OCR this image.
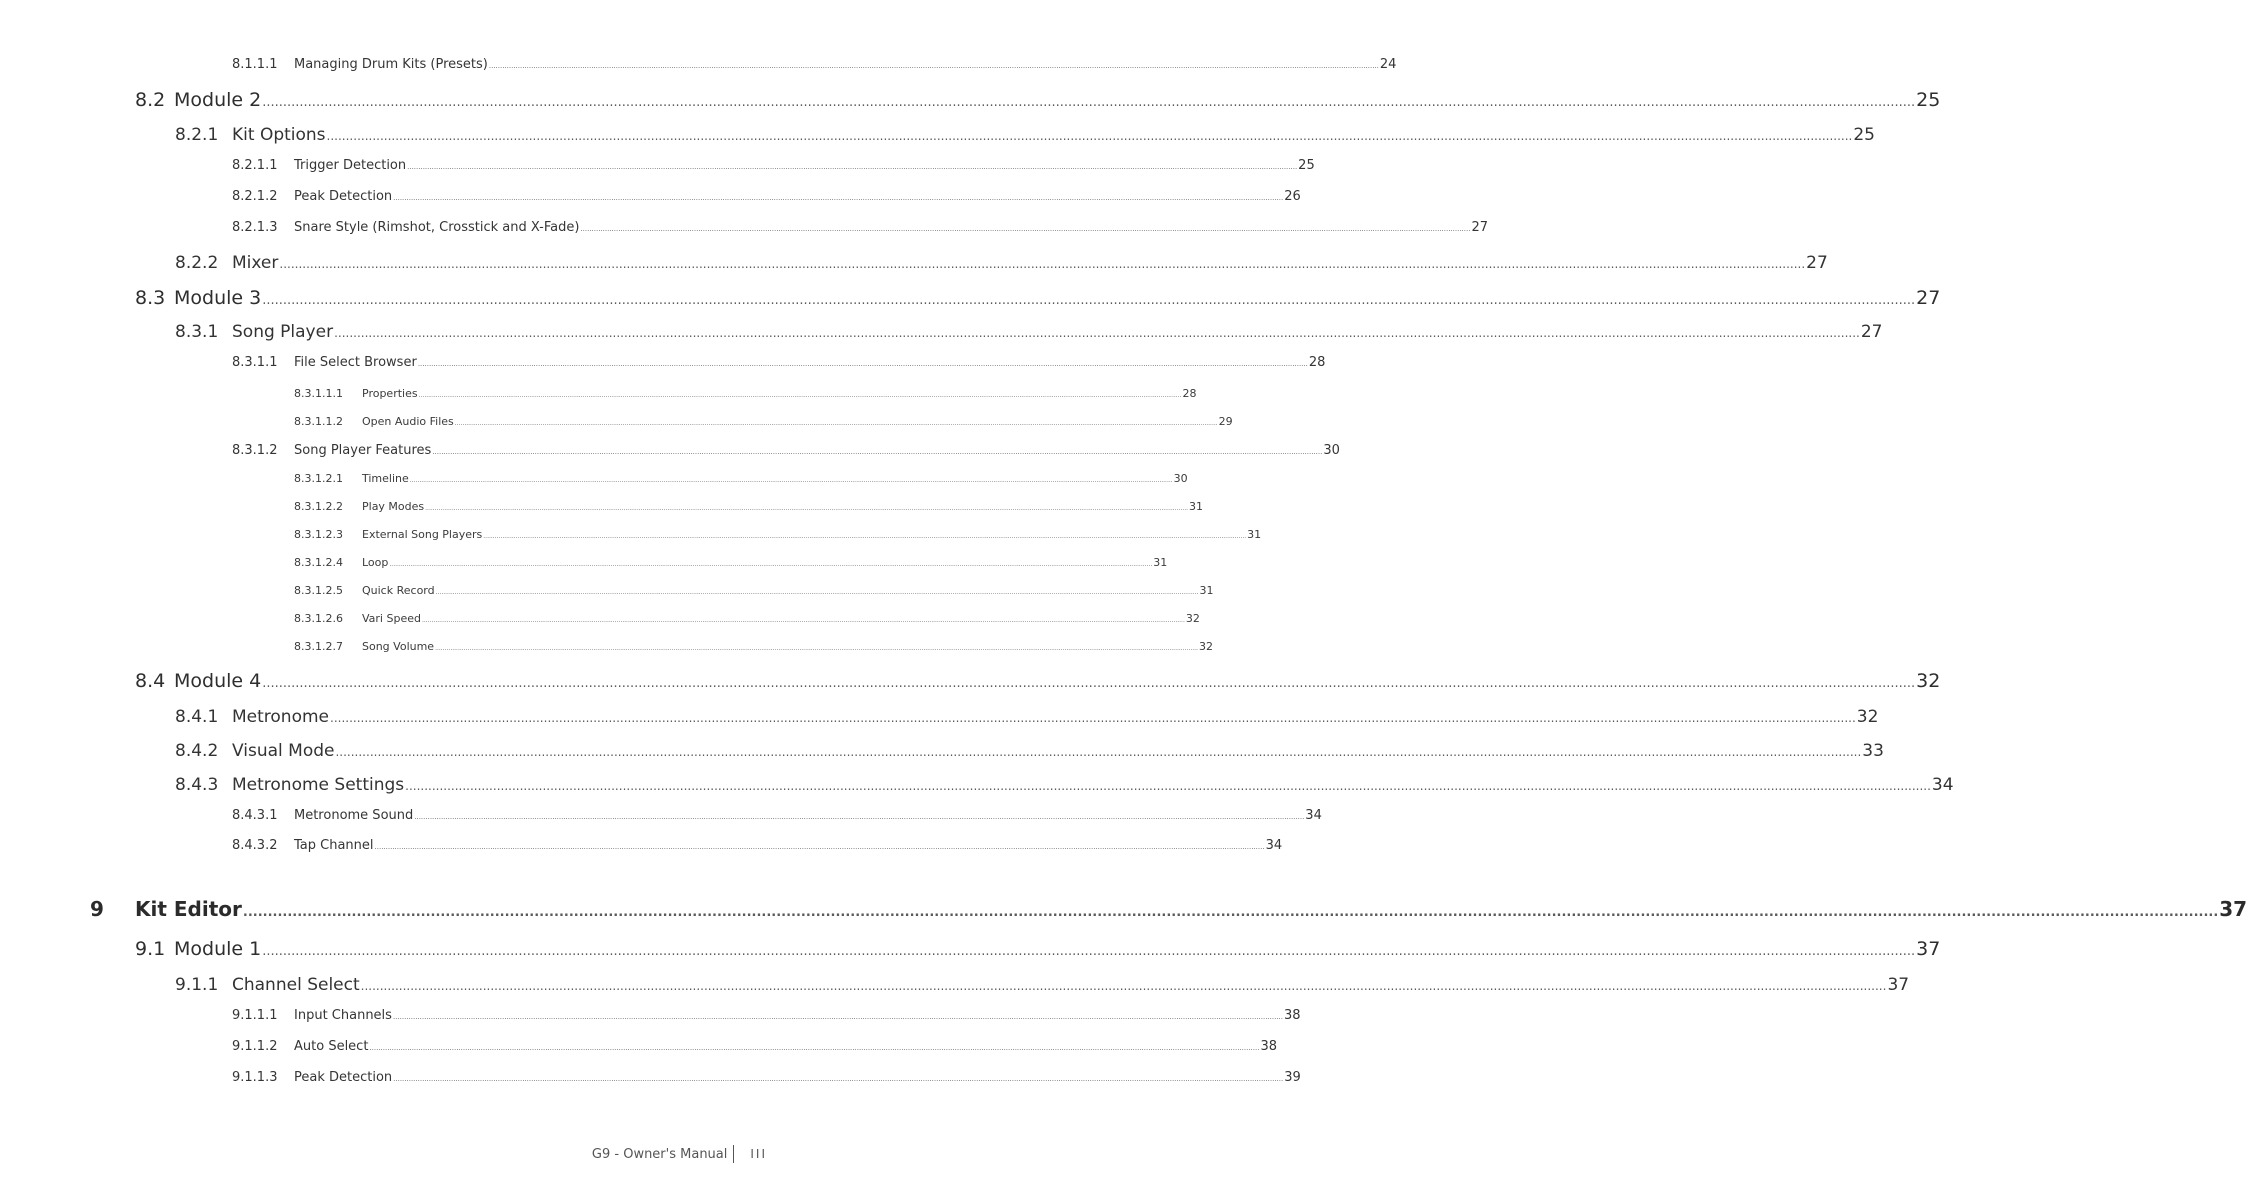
8.1.1.1	Managing Drum Kits (Presets) ................................................................................................................................................................................................................................................................................................................................................................................................................ 24
8.2 Module 2 ................................................................................................................................................................................................................................................................................................................................................................................................................ 25
8.2.1 Kit Options ................................................................................................................................................................................................................................................................................................................................................................................................................ 25
8.2.1.1	Trigger Detection ................................................................................................................................................................................................................................................................................................................................................................................................................ 25
8.2.1.2	Peak Detection ................................................................................................................................................................................................................................................................................................................................................................................................................ 26
8.2.1.3	Snare Style (Rimshot, Crosstick and X-Fade) ................................................................................................................................................................................................................................................................................................................................................................................................................ 27
8.2.2 Mixer ................................................................................................................................................................................................................................................................................................................................................................................................................ 27
8.3 Module 3 ................................................................................................................................................................................................................................................................................................................................................................................................................ 27
8.3.1 Song Player ................................................................................................................................................................................................................................................................................................................................................................................................................ 27
8.3.1.1	File Select Browser ................................................................................................................................................................................................................................................................................................................................................................................................................ 28
8.3.1.1.1	Properties ................................................................................................................................................................................................................................................................................................................................................................................................................ 28
8.3.1.1.2	Open Audio Files ................................................................................................................................................................................................................................................................................................................................................................................................................ 29
8.3.1.2	Song Player Features ................................................................................................................................................................................................................................................................................................................................................................................................................ 30
8.3.1.2.1	Timeline ................................................................................................................................................................................................................................................................................................................................................................................................................ 30
8.3.1.2.2	Play Modes ................................................................................................................................................................................................................................................................................................................................................................................................................ 31
8.3.1.2.3	External Song Players ................................................................................................................................................................................................................................................................................................................................................................................................................ 31
8.3.1.2.4	Loop ................................................................................................................................................................................................................................................................................................................................................................................................................ 31
8.3.1.2.5	Quick Record ................................................................................................................................................................................................................................................................................................................................................................................................................ 31
8.3.1.2.6	Vari Speed ................................................................................................................................................................................................................................................................................................................................................................................................................ 32
8.3.1.2.7	Song Volume ................................................................................................................................................................................................................................................................................................................................................................................................................ 32
8.4 Module 4 ................................................................................................................................................................................................................................................................................................................................................................................................................ 32
8.4.1 Metronome ................................................................................................................................................................................................................................................................................................................................................................................................................ 32
8.4.2 Visual Mode ................................................................................................................................................................................................................................................................................................................................................................................................................ 33
8.4.3 Metronome Settings ................................................................................................................................................................................................................................................................................................................................................................................................................ 34
8.4.3.1	Metronome Sound ................................................................................................................................................................................................................................................................................................................................................................................................................ 34
8.4.3.2	Tap Channel ................................................................................................................................................................................................................................................................................................................................................................................................................ 34
9	Kit Editor ................................................................................................................................................................................................................................................................................................................................................................................................................ 37
9.1 Module 1 ................................................................................................................................................................................................................................................................................................................................................................................................................ 37
9.1.1 Channel Select ................................................................................................................................................................................................................................................................................................................................................................................................................ 37
9.1.1.1	Input Channels ................................................................................................................................................................................................................................................................................................................................................................................................................ 38
9.1.1.2	Auto Select ................................................................................................................................................................................................................................................................................................................................................................................................................ 38
9.1.1.3	Peak Detection ................................................................................................................................................................................................................................................................................................................................................................................................................ 39
G9 - Owner's Manual III
